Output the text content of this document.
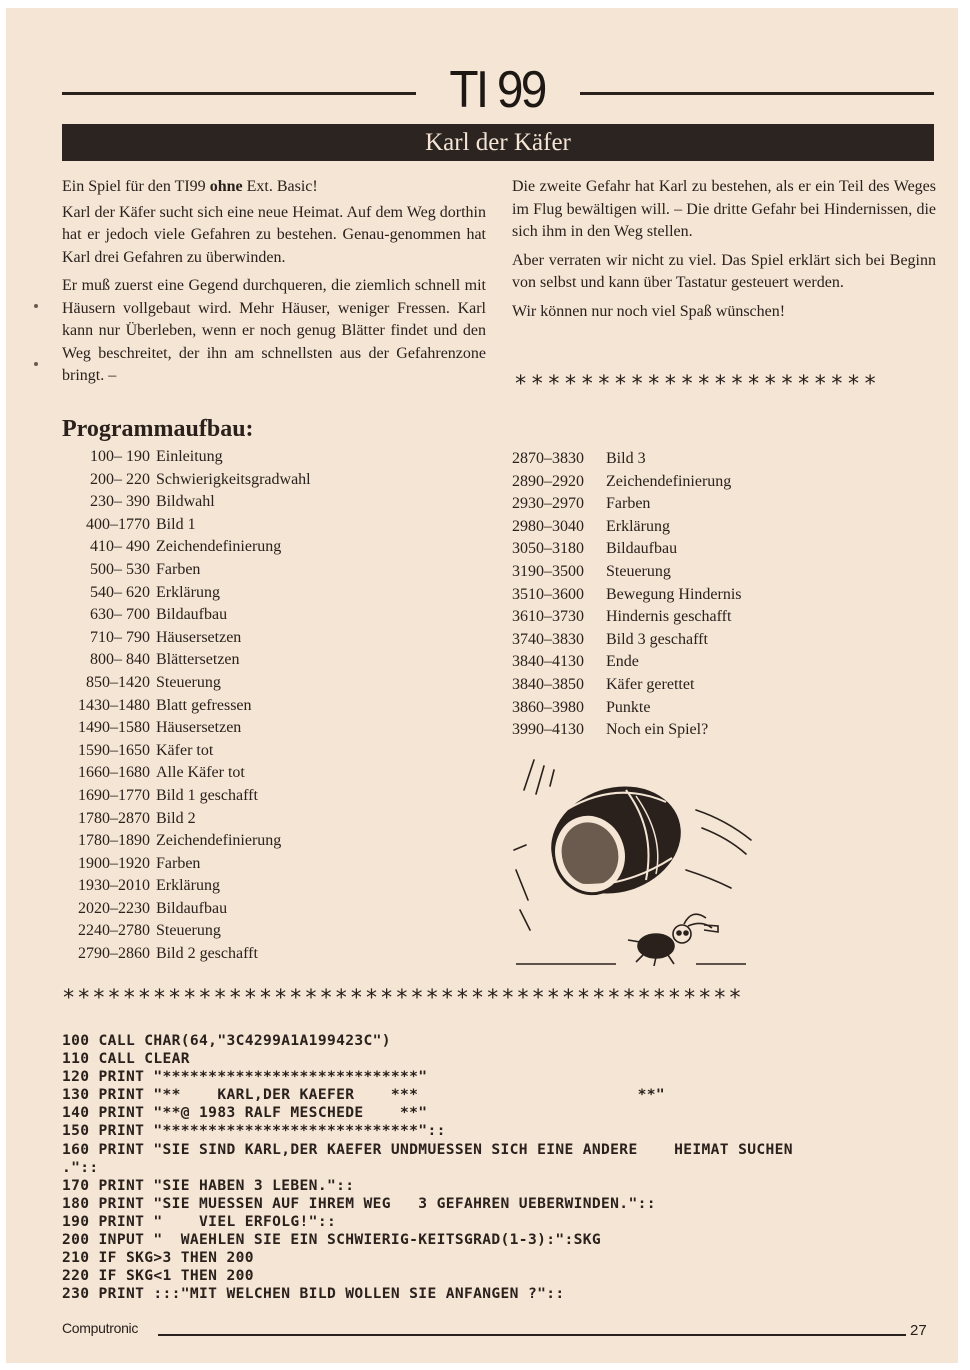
TI 99
Karl der Käfer

Ein Spiel für den TI99 ohne Ext. Basic!

Karl der Käfer sucht sich eine neue Heimat. Auf dem Weg dorthin hat er jedoch viele Gefahren zu bestehen. Genau-genommen hat Karl drei Gefahren zu überwinden.

Er muß zuerst eine Gegend durchqueren, die ziemlich schnell mit Häusern vollgebaut wird. Mehr Häuser, weniger Fressen. Karl kann nur Überleben, wenn er noch genug Blätter findet und den Weg beschreitet, der ihn am schnellsten aus der Gefahrenzone bringt. –

Die zweite Gefahr hat Karl zu bestehen, als er ein Teil des Weges im Flug bewältigen will. – Die dritte Gefahr bei Hindernissen, die sich ihm in den Weg stellen.

Aber verraten wir nicht zu viel. Das Spiel erklärt sich bei Beginn von selbst und kann über Tastatur gesteuert werden.

Wir können nur noch viel Spaß wünschen!

**********************
Programmaufbau:
100– 190 Einleitung
200– 220 Schwierigkeitsgradwahl
230– 390 Bildwahl
400–1770 Bild 1
410– 490 Zeichendefinierung
500– 530 Farben
540– 620 Erklärung
630– 700 Bildaufbau
710– 790 Häusersetzen
800– 840 Blättersetzen
850–1420 Steuerung
1430–1480 Blatt gefressen
1490–1580 Häusersetzen
1590–1650 Käfer tot
1660–1680 Alle Käfer tot
1690–1770 Bild 1 geschafft
1780–2870 Bild 2
1780–1890 Zeichendefinierung
1900–1920 Farben
1930–2010 Erklärung
2020–2230 Bildaufbau
2240–2780 Steuerung
2790–2860 Bild 2 geschafft
2870–3830 Bild 3
2890–2920 Zeichendefinierung
2930–2970 Farben
2980–3040 Erklärung
3050–3180 Bildaufbau
3190–3500 Steuerung
3510–3600 Bewegung Hindernis
3610–3730 Hindernis geschafft
3740–3830 Bild 3 geschafft
3840–4130 Ende
3840–3850 Käfer gerettet
3860–3980 Punkte
3990–4130 Noch ein Spiel?
*********************************************
100 CALL CHAR(64,"3C4299A1A199423C")
110 CALL CLEAR
120 PRINT "****************************"
130 PRINT "**    KARL,DER KAEFER    ***                        **"
140 PRINT "**@ 1983 RALF MESCHEDE    **"
150 PRINT "****************************"::
160 PRINT "SIE SIND KARL,DER KAEFER UNDMUESSEN SICH EINE ANDERE    HEIMAT SUCHEN
."::
170 PRINT "SIE HABEN 3 LEBEN."::
180 PRINT "SIE MUESSEN AUF IHREM WEG   3 GEFAHREN UEBERWINDEN."::
190 PRINT "    VIEL ERFOLG!"::
200 INPUT "  WAEHLEN SIE EIN SCHWIERIG-KEITSGRAD(1-3):":SKG
210 IF SKG>3 THEN 200
220 IF SKG<1 THEN 200
230 PRINT :::"MIT WELCHEN BILD WOLLEN SIE ANFANGEN ?"::
Computronic	27
